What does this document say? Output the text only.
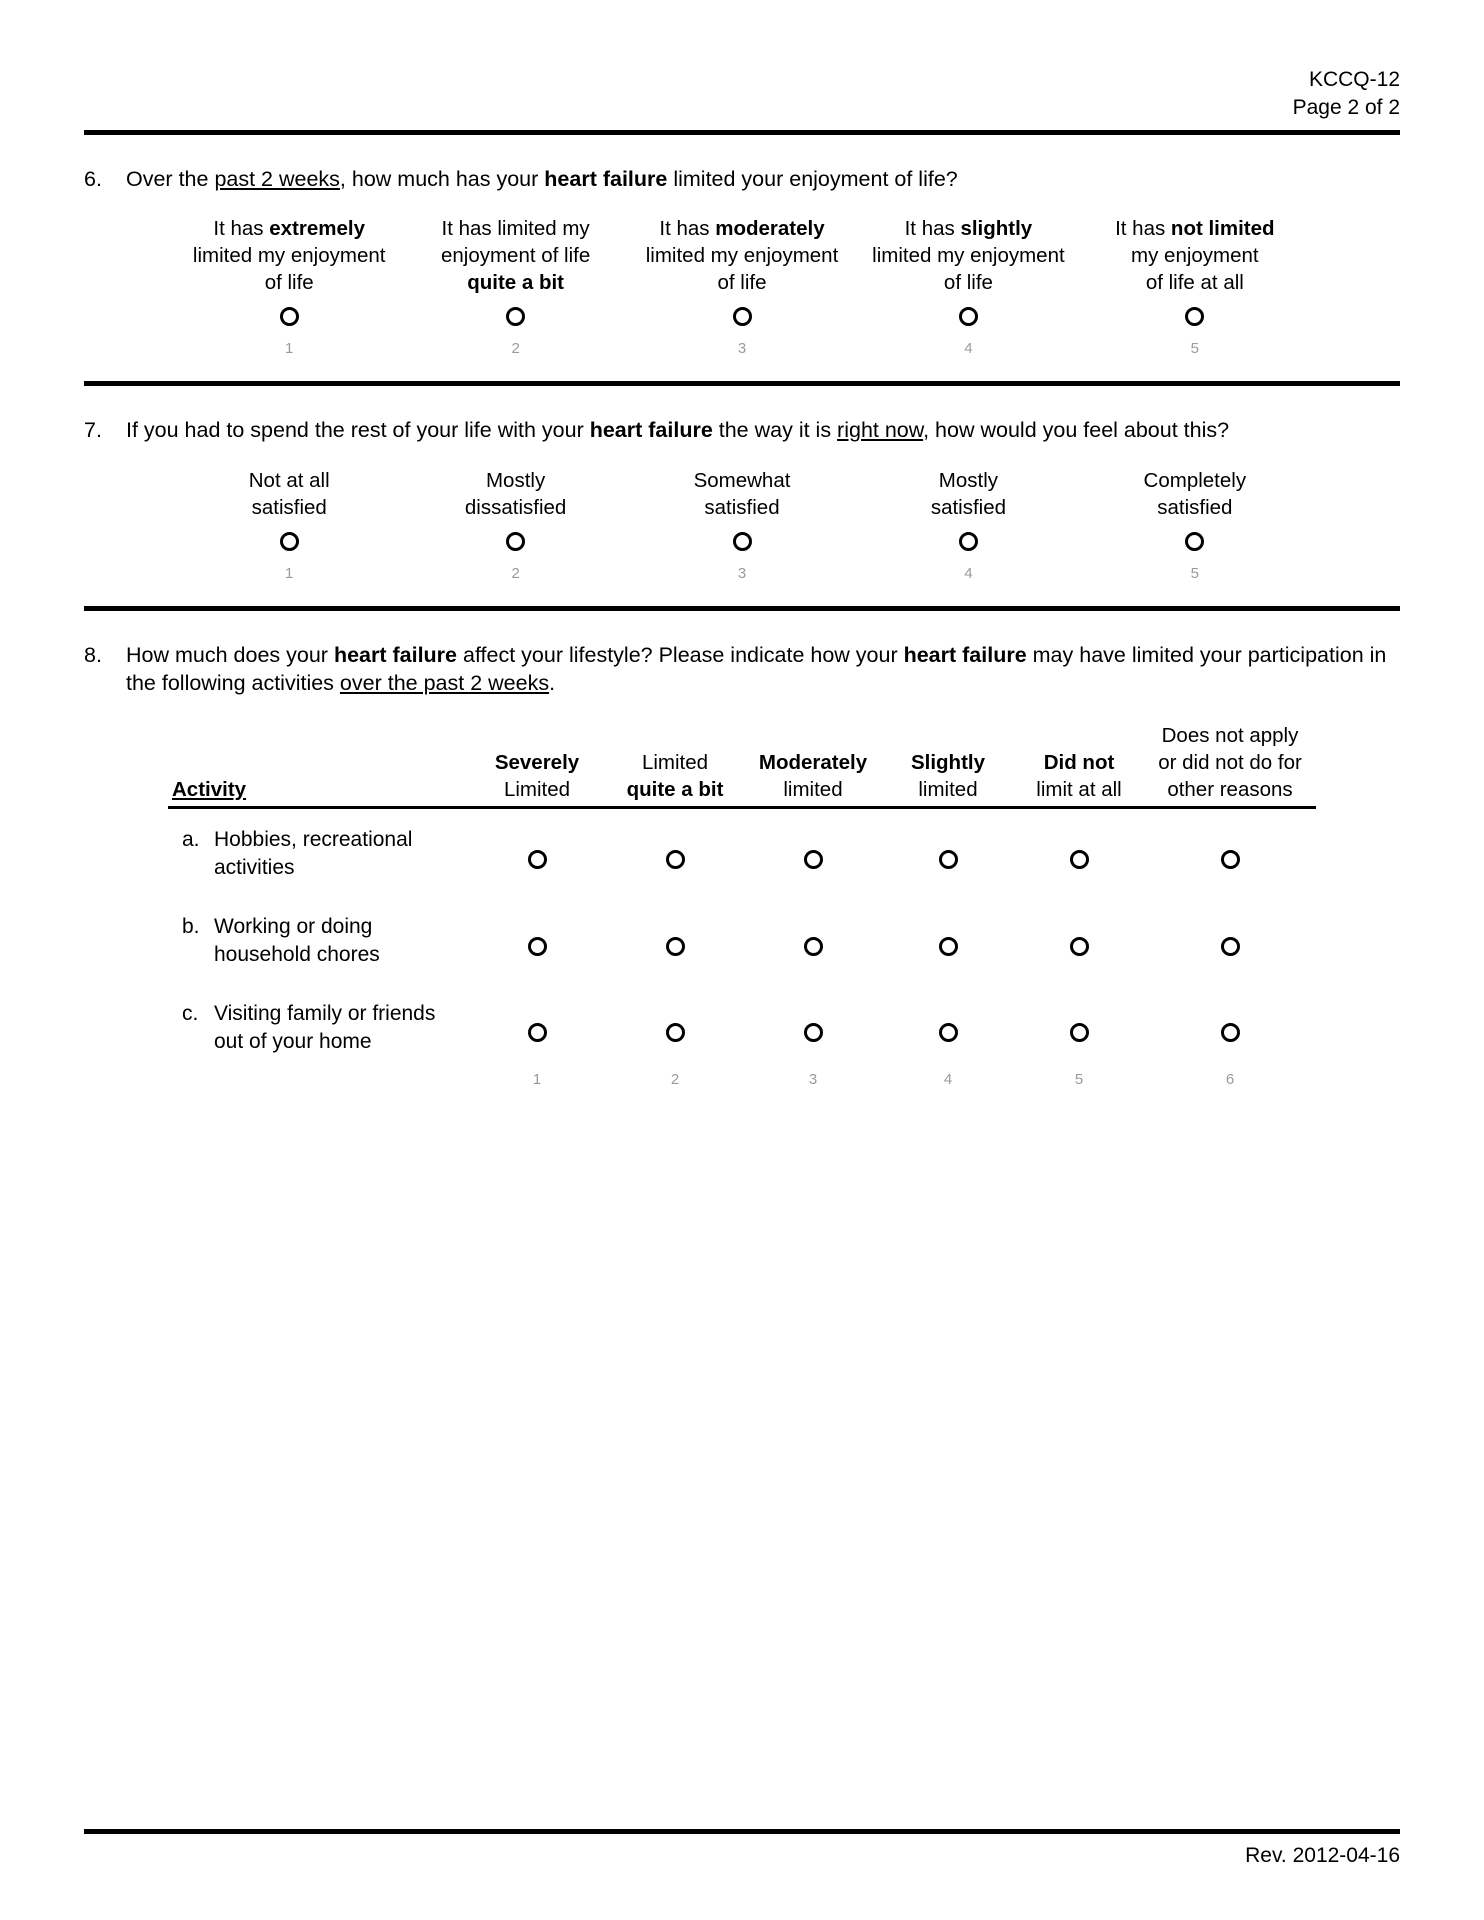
KCCQ-12
Page 2 of 2
6.	Over the past 2 weeks, how much has your heart failure limited your enjoyment of life?
It has extremely
limited my enjoyment
of life
1
It has limited my
enjoyment of life
quite a bit
2
It has moderately
limited my enjoyment
of life
3
It has slightly
limited my enjoyment
of life
4
It has not limited
my enjoyment
of life at all
5
7.	If you had to spend the rest of your life with your heart failure the way it is right now, how would you feel about this?
Not at all
satisfied
1
Mostly
dissatisfied
2
Somewhat
satisfied
3
Mostly
satisfied
4
Completely
satisfied
5
8.	How much does your heart failure affect your lifestyle? Please indicate how your heart failure may have limited your participation in the following activities over the past 2 weeks.
Activity	
Severely
Limited

Limited
quite a bit

Moderately
limited

Slightly
limited

Did not
limit at all

Does not apply
or did not do for
other reasons

a. Hobbies, recreational activities						

b. Working or doing household chores						

c. Visiting family or friends out of your home						

	1	2	3	4	5	6
Rev. 2012-04-16
